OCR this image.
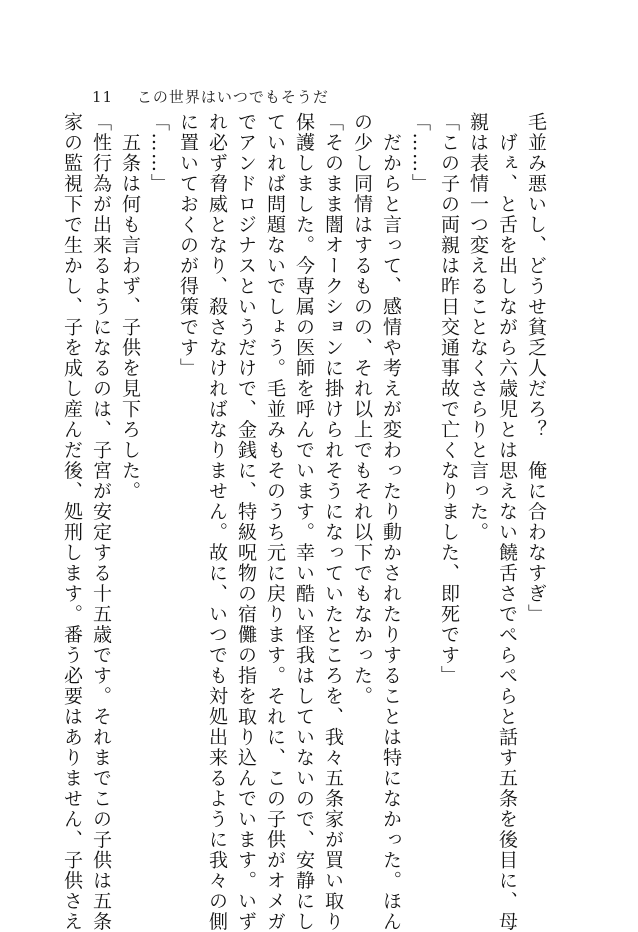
11 この世界はいつでもそうだ
毛並み悪いし、どうせ貧乏人だろ？　俺に合わなすぎ」
　げぇ、と舌を出しながら六歳児とは思えない饒舌さでぺらぺらと話す五条を後目に、母
親は表情一つ変えることなくさらりと言った。
「この子の両親は昨日交通事故で亡くなりました、即死です」
「……」
　だからと言って、感情や考えが変わったり動かされたりすることは特になかった。ほん
の少し同情はするものの、それ以上でもそれ以下でもなかった。
「そのまま闇オークションに掛けられそうになっていたところを、我々五条家が買い取り
保護しました。今専属の医師を呼んでいます。幸い酷い怪我はしていないので、安静にし
ていれば問題ないでしょう。毛並みもそのうち元に戻ります。それに、この子供がオメガ
でアンドロジナスというだけで、金銭に、特級呪物の宿儺の指を取り込んでいます。いず
れ必ず脅威となり、殺さなければなりません。故に、いつでも対処出来るように我々の側
に置いておくのが得策です」
「……」
　五条は何も言わず、子供を見下ろした。
「性行為が出来るようになるのは、子宮が安定する十五歳です。それまでこの子供は五条
家の監視下で生かし、子を成し産んだ後、処刑します。番う必要はありません、子供さえ
